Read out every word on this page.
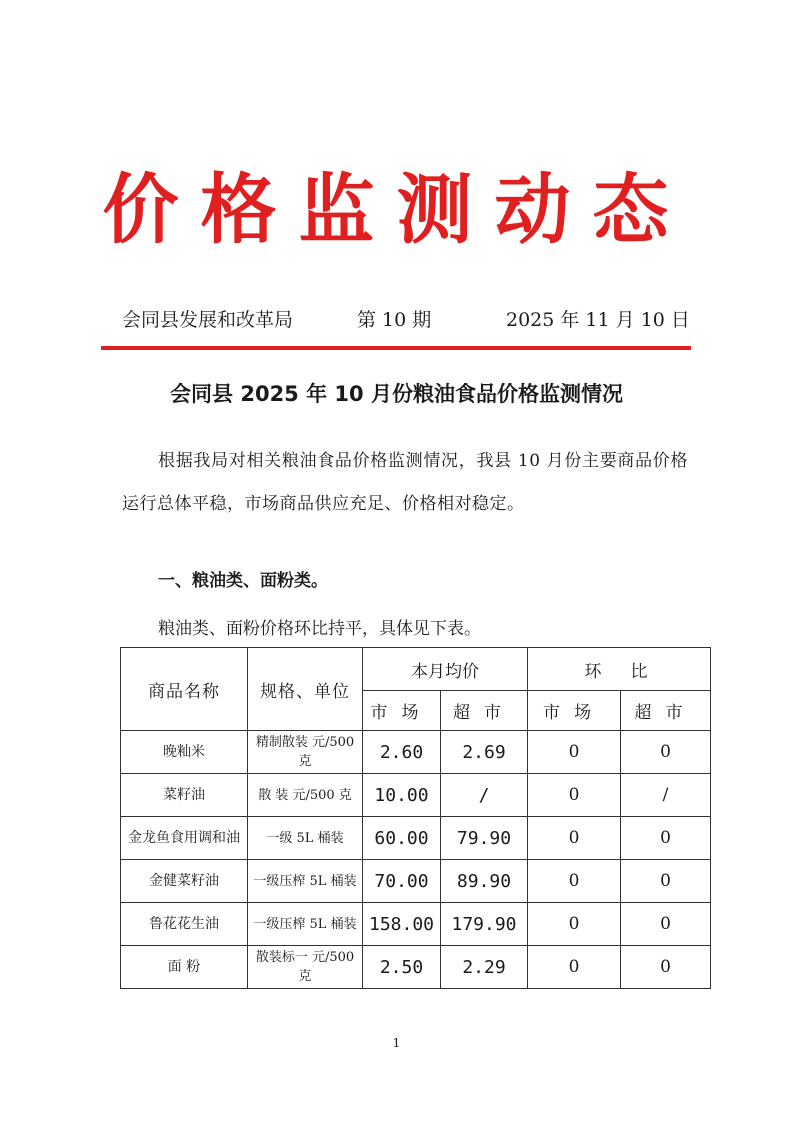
价格监测动态
会同县发展和改革局	第 10 期	2025 年 11 月 10 日
会同县 2025 年 10 月份粮油食品价格监测情况
根据我局对相关粮油食品价格监测情况，我县 10 月份主要商品价格运行总体平稳，市场商品供应充足、价格相对稳定。
一、粮油类、面粉类。
粮油类、面粉价格环比持平，具体见下表。
商品名称	规格、单位	本月均价		环　比	
		市场	超市	市场	超市
晚籼米	精制散装 元/500 克	2.60	2.69	0	0
菜籽油	散 装 元/500 克	10.00	/	0	/
金龙鱼食用调和油	一级 5L 桶装	60.00	79.90	0	0
金健菜籽油	一级压榨 5L 桶装	70.00	89.90	0	0
鲁花花生油	一级压榨 5L 桶装	158.00	179.90	0	0
面 粉	散装标一 元/500 克	2.50	2.29	0	0
1
